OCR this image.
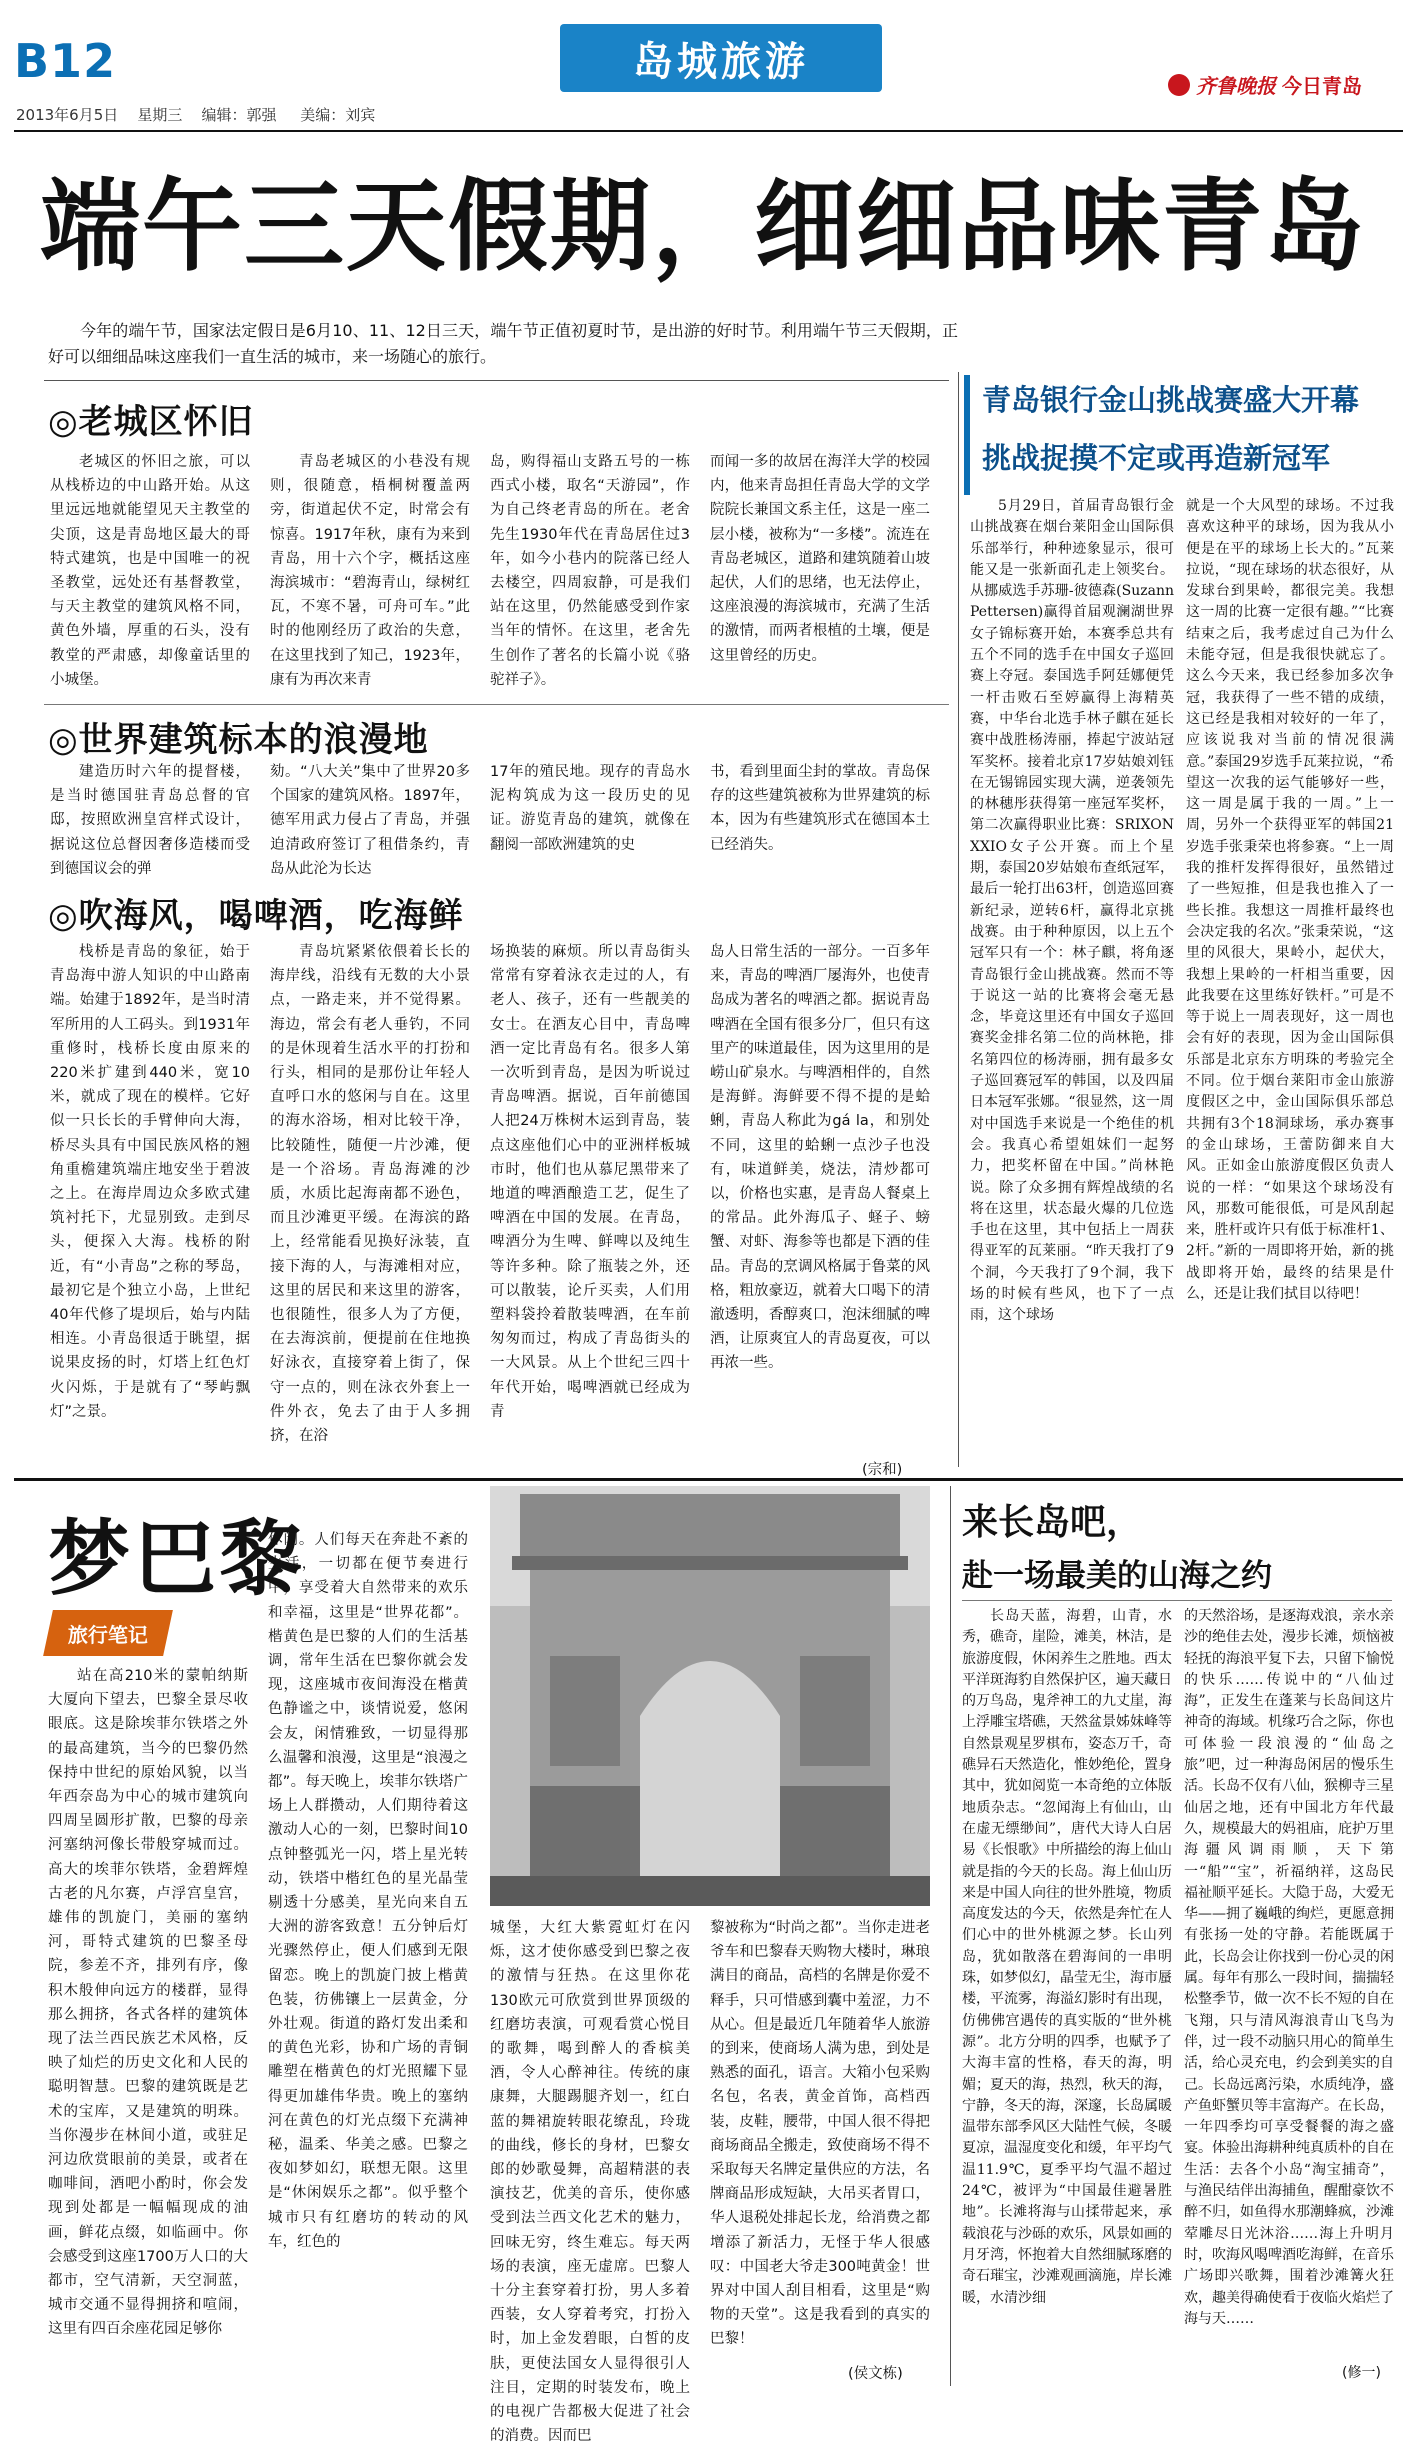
B12
2013年6月5日 星期三 编辑：郭强 美编：刘宾
岛城旅游
齐鲁晚报 今日青岛
端午三天假期，细细品味青岛
今年的端午节，国家法定假日是6月10、11、12日三天，端午节正值初夏时节，是出游的好时节。利用端午节三天假期，正好可以细细品味这座我们一直生活的城市，来一场随心的旅行。
◎老城区怀旧
老城区的怀旧之旅，可以从栈桥边的中山路开始。从这里远远地就能望见天主教堂的尖顶，这是青岛地区最大的哥特式建筑，也是中国唯一的祝圣教堂，远处还有基督教堂，与天主教堂的建筑风格不同，黄色外墙，厚重的石头，没有教堂的严肃感，却像童话里的小城堡。
青岛老城区的小巷没有规则，很随意，梧桐树覆盖两旁，街道起伏不定，时常会有惊喜。1917年秋，康有为来到青岛，用十六个字，概括这座海滨城市：“碧海青山，绿树红瓦，不寒不暑，可舟可车。”此时的他刚经历了政治的失意，在这里找到了知己，1923年，康有为再次来青
岛，购得福山支路五号的一栋西式小楼，取名“天游园”，作为自己终老青岛的所在。老舍先生1930年代在青岛居住过3年，如今小巷内的院落已经人去楼空，四周寂静，可是我们站在这里，仍然能感受到作家当年的情怀。在这里，老舍先生创作了著名的长篇小说《骆驼祥子》。
而闻一多的故居在海洋大学的校园内，他来青岛担任青岛大学的文学院院长兼国文系主任，这是一座二层小楼，被称为“一多楼”。流连在青岛老城区，道路和建筑随着山坡起伏，人们的思绪，也无法停止，这座浪漫的海滨城市，充满了生活的激情，而两者根植的土壤，便是这里曾经的历史。
◎世界建筑标本的浪漫地
建造历时六年的提督楼，是当时德国驻青岛总督的官邸，按照欧洲皇宫样式设计，据说这位总督因奢侈造楼而受到德国议会的弹
劾。“八大关”集中了世界20多个国家的建筑风格。1897年，德军用武力侵占了青岛，并强迫清政府签订了租借条约，青岛从此沦为长达
17年的殖民地。现存的青岛水泥构筑成为这一段历史的见证。游览青岛的建筑，就像在翻阅一部欧洲建筑的史
书，看到里面尘封的掌故。青岛保存的这些建筑被称为世界建筑的标本，因为有些建筑形式在德国本土已经消失。
◎吹海风，喝啤酒，吃海鲜
栈桥是青岛的象征，始于青岛海中游人知识的中山路南端。始建于1892年，是当时清军所用的人工码头。到1931年重修时，栈桥长度由原来的220米扩建到440米，宽10米，就成了现在的模样。它好似一只长长的手臂伸向大海，桥尽头具有中国民族风格的翘角重檐建筑端庄地安坐于碧波之上。在海岸周边众多欧式建筑衬托下，尤显别致。走到尽头，便探入大海。栈桥的附近，有“小青岛”之称的琴岛，最初它是个独立小岛，上世纪40年代修了堤坝后，始与内陆相连。小青岛很适于眺望，据说果皮扬的时，灯塔上红色灯火闪烁，于是就有了“琴屿飘灯”之景。
青岛坑紧紧依偎着长长的海岸线，沿线有无数的大小景点，一路走来，并不觉得累。海边，常会有老人垂钓，不同的是休现着生活水平的打扮和行头，相同的是那份让年轻人直呼口水的悠闲与自在。这里的海水浴场，相对比较干净，比较随性，随便一片沙滩，便是一个浴场。青岛海滩的沙质，水质比起海南都不逊色，而且沙滩更平缓。在海滨的路上，经常能看见换好泳装，直接下海的人，与海滩相对应，这里的居民和来这里的游客，也很随性，很多人为了方便，在去海滨前，便提前在住地换好泳衣，直接穿着上街了，保守一点的，则在泳衣外套上一件外衣，免去了由于人多拥挤，在浴
场换装的麻烦。所以青岛街头常常有穿着泳衣走过的人，有老人、孩子，还有一些靓美的女士。在酒友心目中，青岛啤酒一定比青岛有名。很多人第一次听到青岛，是因为听说过青岛啤酒。据说，百年前德国人把24万株树木运到青岛，装点这座他们心中的亚洲样板城市时，他们也从慕尼黑带来了地道的啤酒酿造工艺，促生了啤酒在中国的发展。在青岛，啤酒分为生啤、鲜啤以及纯生等许多种。除了瓶装之外，还可以散装，论斤买卖，人们用塑料袋拎着散装啤酒，在车前匆匆而过，构成了青岛街头的一大风景。从上个世纪三四十年代开始，喝啤酒就已经成为青
岛人日常生活的一部分。一百多年来，青岛的啤酒厂屡海外，也使青岛成为著名的啤酒之都。据说青岛啤酒在全国有很多分厂，但只有这里产的味道最佳，因为这里用的是崂山矿泉水。与啤酒相伴的，自然是海鲜。海鲜要不得不提的是蛤蜊，青岛人称此为gá la，和别处不同，这里的蛤蜊一点沙子也没有，味道鲜美，烧法，清炒都可以，价格也实惠，是青岛人餐桌上的常品。此外海瓜子、蛏子、螃蟹、对虾、海参等也都是下酒的佳品。青岛的烹调风格属于鲁菜的风格，粗放豪迈，就着大口喝下的清澈透明，香醇爽口，泡沫细腻的啤酒，让原爽宜人的青岛夏夜，可以再浓一些。
(宗和)
青岛银行金山挑战赛盛大开幕
挑战捉摸不定或再造新冠军
5月29日，首届青岛银行金山挑战赛在烟台莱阳金山国际俱乐部举行，种种迹象显示，很可能又是一张新面孔走上领奖台。从挪威选手苏珊-彼德森(Suzann Pettersen)赢得首届观澜湖世界女子锦标赛开始，本赛季总共有五个不同的选手在中国女子巡回赛上夺冠。泰国选手阿廷娜便凭一杆击败石至婷赢得上海精英赛，中华台北选手林子麒在延长赛中战胜杨涛丽，捧起宁波站冠军奖杯。接着北京17岁姑娘刘钰在无锡锦园实现大满，逆袭领先的林穗彤获得第一座冠军奖杯，第二次赢得职业比赛：SRIXON XXIO女子公开赛。而上个星期，泰国20岁姑娘布查纸冠军，最后一轮打出63杆，创造巡回赛新纪录，逆转6杆，赢得北京挑战赛。由于种种原因，以上五个冠军只有一个：林子麒，将角逐青岛银行金山挑战赛。然而不等于说这一站的比赛将会毫无悬念，毕竟这里还有中国女子巡回赛奖金排名第二位的尚林艳，排名第四位的杨涛丽，拥有最多女子巡回赛冠军的韩国，以及四届日本冠军张娜。“很显然，这一周对中国选手来说是一个绝佳的机会。我真心希望姐妹们一起努力，把奖杯留在中国。”尚林艳说。除了众多拥有辉煌战绩的名将在这里，状态最火爆的几位选手也在这里，其中包括上一周获得亚军的瓦莱丽。“昨天我打了9个洞，今天我打了9个洞，我下场的时候有些风，也下了一点雨，这个球场
就是一个大风型的球场。不过我喜欢这种平的球场，因为我从小便是在平的球场上长大的。”瓦莱拉说，“现在球场的状态很好，从发球台到果岭，都很完美。我想这一周的比赛一定很有趣。”“比赛结束之后，我考虑过自己为什么未能夺冠，但是我很快就忘了。这么今天来，我已经参加多次争冠，我获得了一些不错的成绩，这已经是我相对较好的一年了，应该说我对当前的情况很满意。”泰国29岁选手瓦莱拉说，“希望这一次我的运气能够好一些，这一周是属于我的一周。”上一周，另外一个获得亚军的韩国21岁选手张秉荣也将参赛。“上一周我的推杆发挥得很好，虽然错过了一些短推，但是我也推入了一些长推。我想这一周推杆最终也会决定我的名次。”张秉荣说，“这里的风很大，果岭小，起伏大，我想上果岭的一杆相当重要，因此我要在这里练好铁杆。”可是不等于说上一周表现好，这一周也会有好的表现，因为金山国际俱乐部是北京东方明珠的考验完全不同。位于烟台莱阳市金山旅游度假区之中，金山国际俱乐部总共拥有3个18洞球场，承办赛事的金山球场，王蕾防御来自大风。正如金山旅游度假区负责人说的一样：“如果这个球场没有风，那数可能很低，可是风刮起来，胜杆或许只有低于标准杆1、2杆。”新的一周即将开始，新的挑战即将开始，最终的结果是什么，还是让我们拭目以待吧！
梦巴黎
旅行笔记
站在高210米的蒙帕纳斯大厦向下望去，巴黎全景尽收眼底。这是除埃菲尔铁塔之外的最高建筑，当今的巴黎仍然保持中世纪的原始风貌，以当年西奈岛为中心的城市建筑向四周呈圆形扩散，巴黎的母亲河塞纳河像长带般穿城而过。高大的埃菲尔铁塔，金碧辉煌古老的凡尔赛，卢浮宫皇宫，雄伟的凯旋门，美丽的塞纳河，哥特式建筑的巴黎圣母院，参差不齐，排列有序，像积木般伸向远方的楼群，显得那么拥挤，各式各样的建筑体现了法兰西民族艺术风格，反映了灿烂的历史文化和人民的聪明智慧。巴黎的建筑既是艺术的宝库，又是建筑的明珠。当你漫步在林间小道，或驻足河边欣赏眼前的美景，或者在咖啡间，酒吧小酌时，你会发现到处都是一幅幅现成的油画，鲜花点缀，如临画中。你会感受到这座1700万人口的大都市，空气清新，天空洞蓝，城市交通不显得拥挤和喧闹，这里有四百余座花园足够你
休闲。人们每天在奔赴不紊的生活，一切都在便节奏进行中，享受着大自然带来的欢乐和幸福，这里是“世界花都”。楷黄色是巴黎的人们的生活基调，常年生活在巴黎你就会发现，这座城市夜间海没在楷黄色静谧之中，谈情说爱，悠闲会友，闲情雅致，一切显得那么温馨和浪漫，这里是“浪漫之都”。每天晚上，埃菲尔铁塔广场上人群攒动，人们期待着这激动人心的一刻，巴黎时间10点钟整弧光一闪，塔上星光转动，铁塔中楷红色的星光晶莹剔透十分感美，星光向来自五大洲的游客致意！五分钟后灯光骤然停止，便人们感到无限留恋。晚上的凯旋门披上楷黄色装，彷佛镶上一层黄金，分外壮观。街道的路灯发出柔和的黄色光彩，协和广场的青铜雕塑在楷黄色的灯光照耀下显得更加雄伟华贵。晚上的塞纳河在黄色的灯光点缀下充满神秘，温柔、华美之感。巴黎之夜如梦如幻，联想无限。这里是“休闲娱乐之都”。似乎整个城市只有红磨坊的转动的风车，红色的
城堡，大红大紫霓虹灯在闪烁，这才使你感受到巴黎之夜的激情与狂热。在这里你花130欧元可欣赏到世界顶级的红磨坊表演，可观看赏心悦目的歌舞，喝到醉人的香槟美酒，令人心醉神往。传统的康康舞，大腿踢腿齐划一，红白蓝的舞裙旋转眼花缭乱，玲珑的曲线，修长的身材，巴黎女郎的妙歌曼舞，高超精湛的表演技艺，优美的音乐，使你感受到法兰西文化艺术的魅力，回味无穷，终生难忘。每天两场的表演，座无虚席。巴黎人十分主套穿着打扮，男人多着西装，女人穿着考究，打扮入时，加上金发碧眼，白皙的皮肤，更使法国女人显得很引人注目，定期的时装发布，晚上的电视广告都极大促进了社会的消费。因而巴
黎被称为“时尚之都”。当你走进老爷车和巴黎春天购物大楼时，琳琅满目的商品，高档的名牌是你爱不释手，只可惜感到囊中羞涩，力不从心。但是最近几年随着华人旅游的到来，使商场人满为患，到处是熟悉的面孔，语言。大箱小包采购名包，名表，黄金首饰，高档西装，皮鞋，腰带，中国人很不得把商场商品全搬走，致使商场不得不采取每天名牌定量供应的方法，名牌商品形成短缺，大吊买者胃口，华人退税处排起长龙，给消费之都增添了新活力，无怪于华人很感叹：中国老大爷走300吨黄金！世界对中国人刮目相看，这里是“购物的天堂”。这是我看到的真实的巴黎！
(侯文栋)
来长岛吧，
赴一场最美的山海之约
长岛天蓝，海碧，山青，水秀，礁奇，崖险，滩美，林洁，是旅游度假，休闲养生之胜地。西太平洋斑海豹自然保护区，遍天藏日的万鸟岛，鬼斧神工的九丈崖，海上浮雕宝塔礁，天然盆景姊妹峰等自然景观星罗棋布，姿态万千，奇礁异石天然造化，惟妙绝伦，置身其中，犹如阅览一本奇绝的立体版地质杂志。“忽闻海上有仙山，山在虚无缥缈间”，唐代大诗人白居易《长恨歌》中所描绘的海上仙山就是指的今天的长岛。海上仙山历来是中国人向往的世外胜境，物质高度发达的今天，依然是奔忙在人们心中的世外桃源之梦。长山列岛，犹如散落在碧海间的一串明珠，如梦似幻，晶莹无尘，海市蜃楼，平流雾，海溢幻影时有出现，仿佛佛宫遇传的真实版的“世外桃源”。北方分明的四季，也赋予了大海丰富的性格，春天的海，明媚；夏天的海，热烈，秋天的海，宁静，冬天的海，深邃，长岛属暖温带东部季风区大陆性气候，冬暖夏凉，温湿度变化和缓，年平均气温11.9℃，夏季平均气温不超过24℃，被评为“中国最佳避暑胜地”。长滩将海与山揉带起来，承载浪花与沙砾的欢乐，风景如画的月牙湾，怀抱着大自然细腻琢磨的奇石璀宝，沙滩观画滴施，岸长滩暖，水清沙细
的天然浴场，是逐海戏浪，亲水亲沙的绝佳去处，漫步长滩，烦恼被轻抚的海浪平复下去，只留下愉悦的快乐……传说中的“八仙过海”，正发生在蓬莱与长岛间这片神奇的海域。机缘巧合之际，你也可体验一段浪漫的“仙岛之旅”吧，过一种海岛闲居的慢乐生活。长岛不仅有八仙，猴柳寺三星仙居之地，还有中国北方年代最久，规模最大的妈祖庙，庇护万里海疆风调雨顺，天下第一“船”“宝”，祈福纳祥，这岛民福祉顺平延长。大隐于岛，大爱无华——拥了巍峨的绚烂，更愿意拥有张扬一处的守静。若能既属于此，长岛会让你找到一份心灵的闲属。每年有那么一段时间，揣揣轻松整季节，做一次不长不短的自在飞翔，只与清风海浪青山飞鸟为伴，过一段不动脑只用心的简单生活，给心灵充电，约会到美实的自己。长岛远离污染，水质纯净，盛产鱼虾蟹贝等丰富海产。在长岛，一年四季均可享受餐餐的海之盛宴。体验出海耕种纯真质朴的自在生活：去各个小岛“淘宝捕奇”，与渔民结伴出海捕鱼，醒酣豪饮不醉不归，如鱼得水那潮蜂疯，沙滩荤雕尽日光沐浴……海上升明月时，吹海风喝啤酒吃海鲜，在音乐广场即兴歌舞，围着沙滩篝火狂欢，趣美得确使看于夜临火焰烂了海与天……
(修一)
